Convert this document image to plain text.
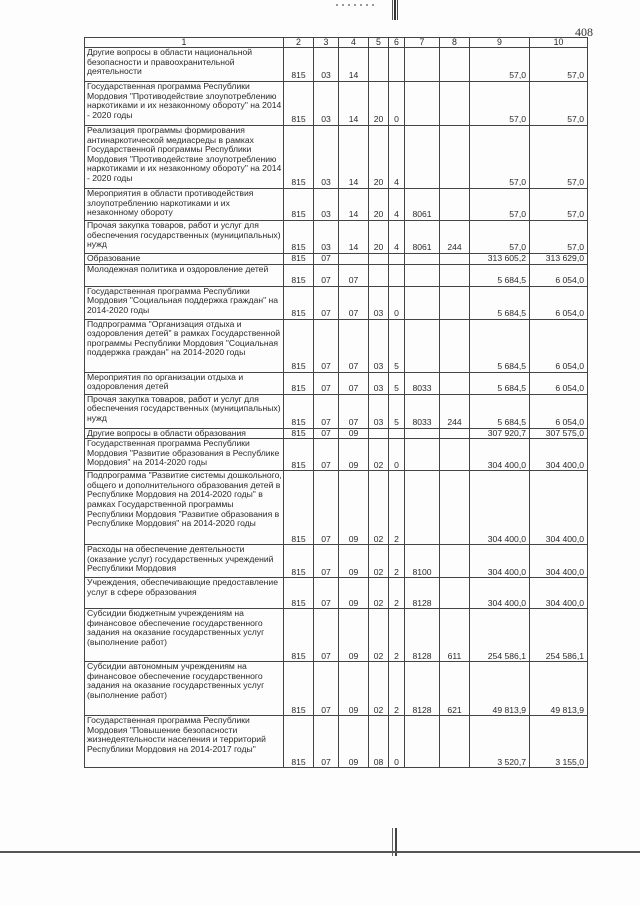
408
1	2	3	4	5	6	7	8	9	10
Другие вопросы в области национальной безопасности и правоохранительной деятельности	815	03	14					57,0	57,0
Государственная программа Республики Мордовия "Противодействие злоупотреблению наркотиками и их незаконному обороту" на 2014 - 2020 годы	815	03	14	20	0			57,0	57,0
Реализация программы формирования антинаркотической медиасреды в рамках Государственной программы Республики Мордовия "Противодействие злоупотреблению наркотиками и их незаконному обороту" на 2014 - 2020 годы	815	03	14	20	4			57,0	57,0
Мероприятия в области противодействия злоупотреблению наркотиками и их незаконному обороту	815	03	14	20	4	8061		57,0	57,0
Прочая закупка товаров, работ и услуг для обеспечения государственных (муниципальных) нужд	815	03	14	20	4	8061	244	57,0	57,0
Образование	815	07						313 605,2	313 629,0
Молодежная политика и оздоровление детей	815	07	07					5 684,5	6 054,0
Государственная программа Республики Мордовия "Социальная поддержка граждан" на 2014-2020 годы	815	07	07	03	0			5 684,5	6 054,0
Подпрограмма "Организация отдыха и оздоровления детей" в рамках Государственной программы Республики Мордовия "Социальная поддержка граждан" на 2014-2020 годы	815	07	07	03	5			5 684,5	6 054,0
Мероприятия по организации отдыха и оздоровления детей	815	07	07	03	5	8033		5 684,5	6 054,0
Прочая закупка товаров, работ и услуг для обеспечения государственных (муниципальных) нужд	815	07	07	03	5	8033	244	5 684,5	6 054,0
Другие вопросы в области образования	815	07	09					307 920,7	307 575,0
Государственная программа Республики Мордовия "Развитие образования в Республике Мордовия" на 2014-2020 годы	815	07	09	02	0			304 400,0	304 400,0
Подпрограмма "Развитие системы дошкольного, общего и дополнительного образования детей в Республике Мордовия на 2014-2020 годы" в рамках Государственной программы Республики Мордовия "Развитие образования в Республике Мордовия" на 2014-2020 годы	815	07	09	02	2			304 400,0	304 400,0
Расходы на обеспечение деятельности (оказание услуг) государственных учреждений Республики Мордовия	815	07	09	02	2	8100		304 400,0	304 400,0
Учреждения, обеспечивающие предоставление услуг в сфере образования	815	07	09	02	2	8128		304 400,0	304 400,0
Субсидии бюджетным учреждениям на финансовое обеспечение государственного задания на оказание государственных услуг (выполнение работ)	815	07	09	02	2	8128	611	254 586,1	254 586,1
Субсидии автономным учреждениям на финансовое обеспечение государственного задания на оказание государственных услуг (выполнение работ)	815	07	09	02	2	8128	621	49 813,9	49 813,9
Государственная программа Республики Мордовия "Повышение безопасности жизнедеятельности населения и территорий Республики Мордовия на 2014-2017 годы"	815	07	09	08	0			3 520,7	3 155,0
